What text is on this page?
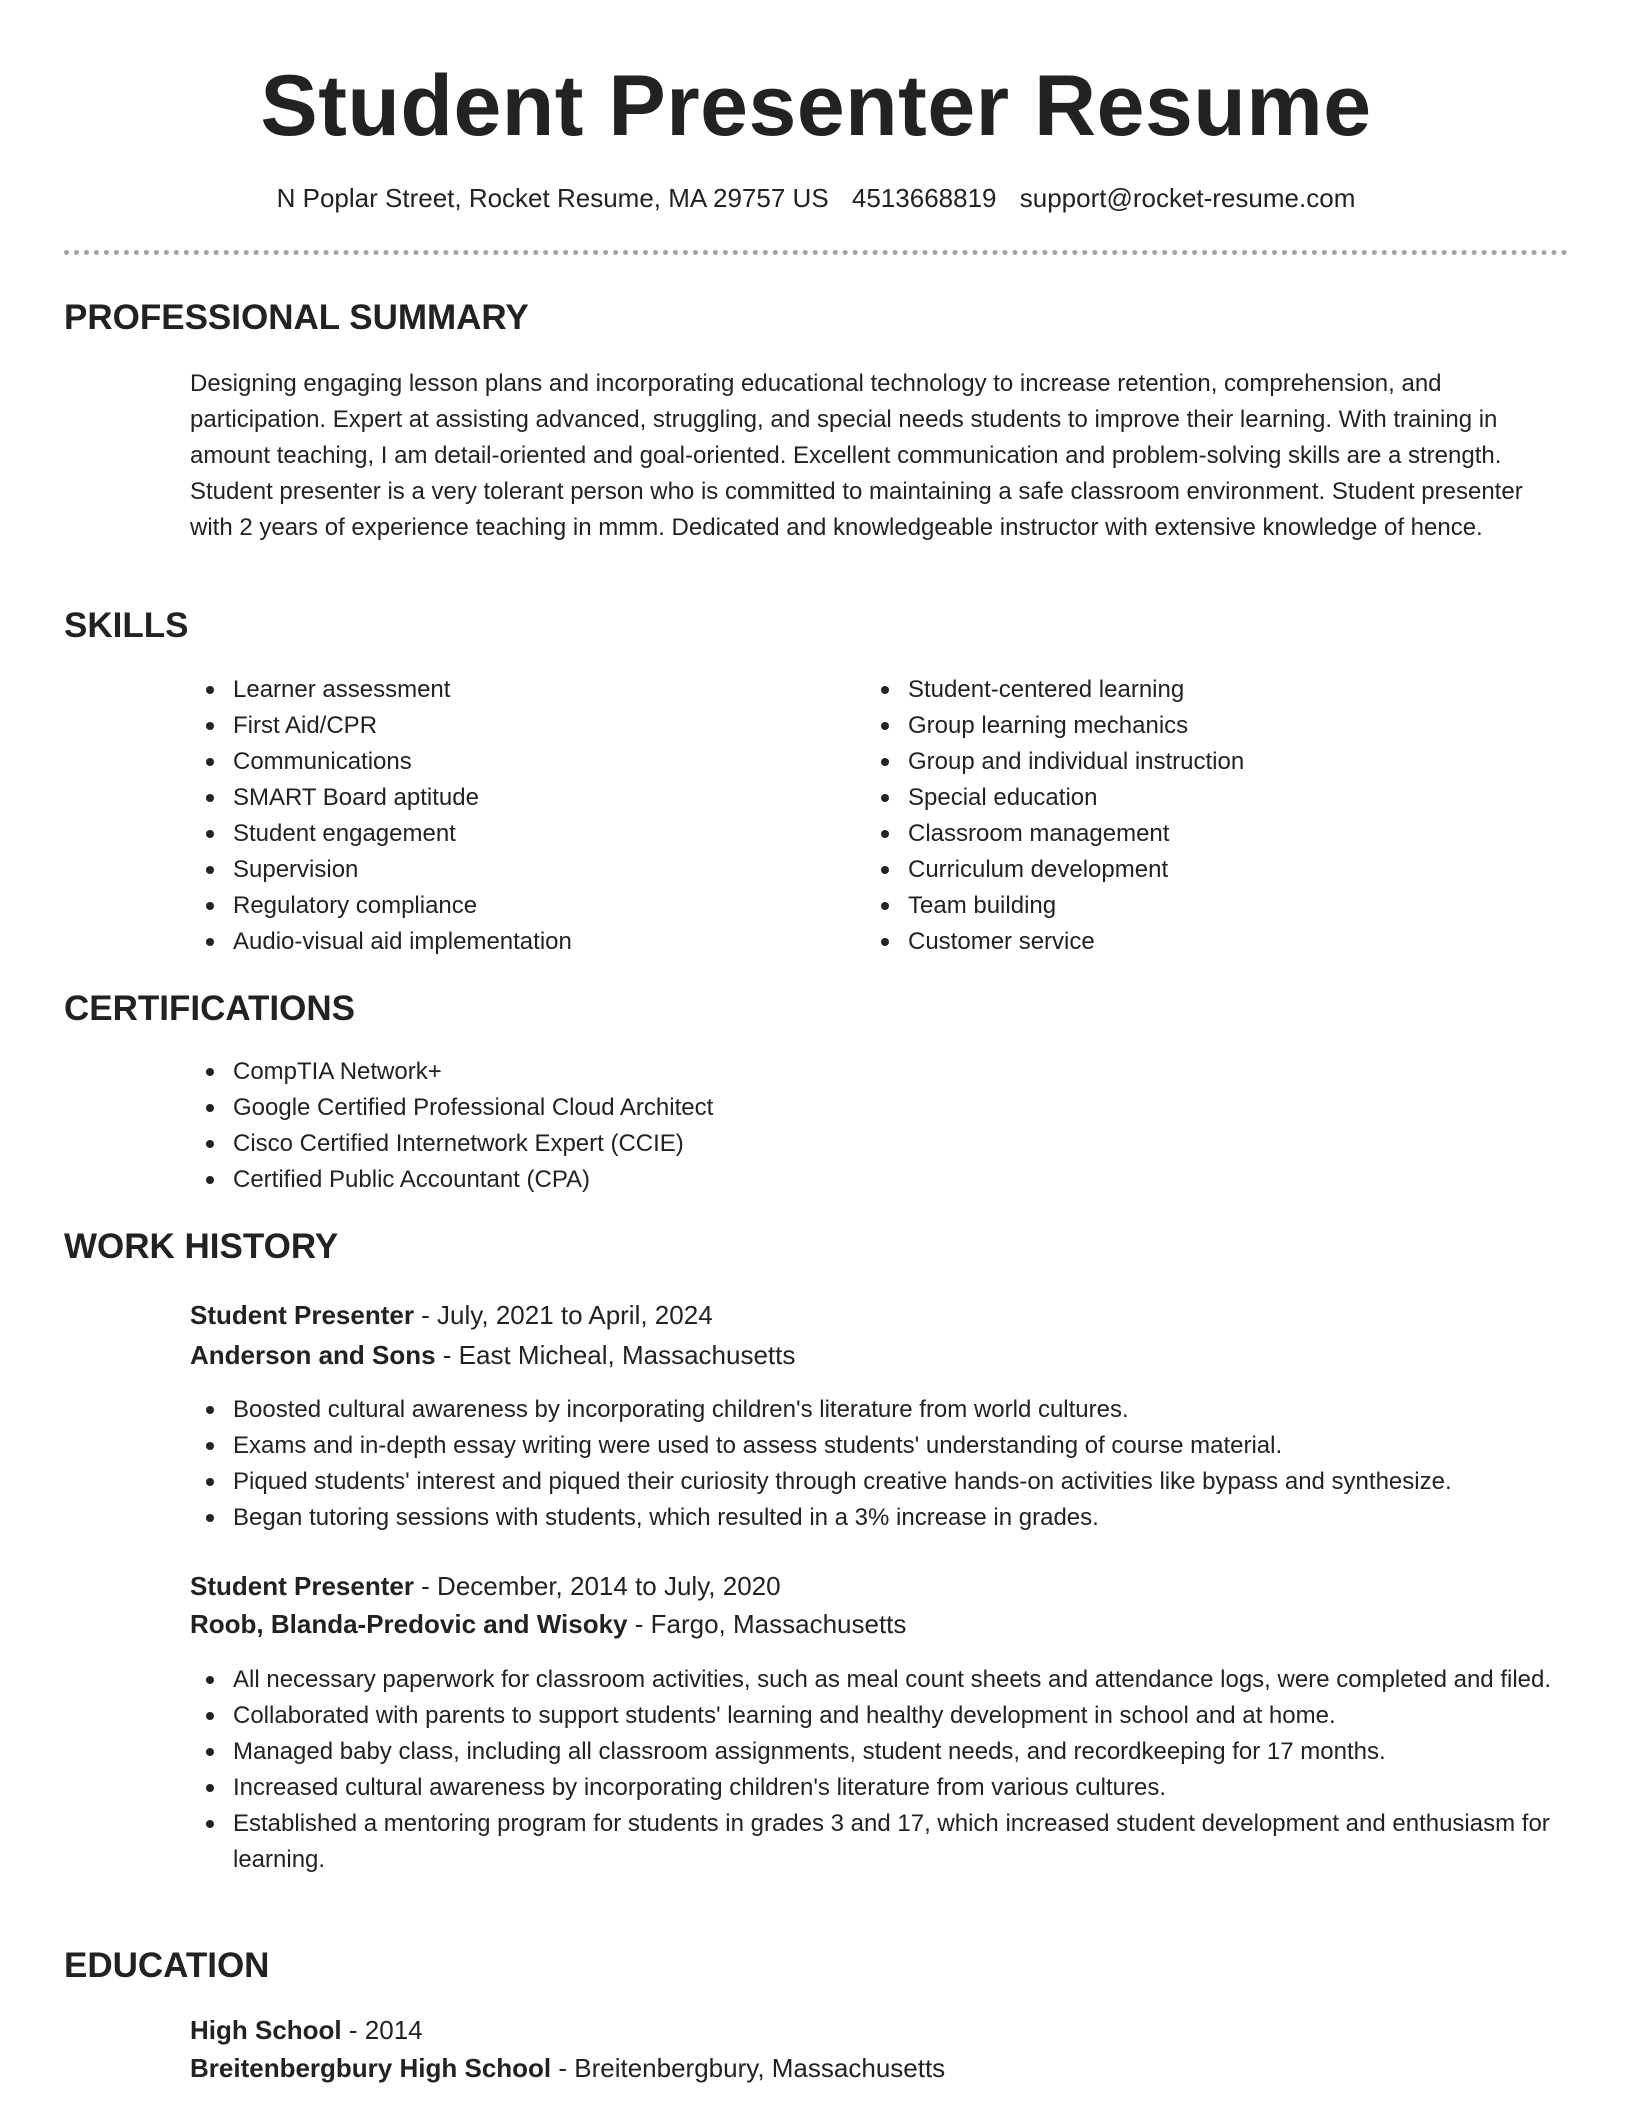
Student Presenter Resume
N Poplar Street, Rocket Resume, MA 29757 US 4513668819 support@rocket-resume.com
PROFESSIONAL SUMMARY

Designing engaging lesson plans and incorporating educational technology to increase retention, comprehension, and participation. Expert at assisting advanced, struggling, and special needs students to improve their learning. With training in amount teaching, I am detail-oriented and goal-oriented. Excellent communication and problem-solving skills are a strength. Student presenter is a very tolerant person who is committed to maintaining a safe classroom environment. Student presenter with 2 years of experience teaching in mmm. Dedicated and knowledgeable instructor with extensive knowledge of hence.

SKILLS
Learner assessment
First Aid/CPR
Communications
SMART Board aptitude
Student engagement
Supervision
Regulatory compliance
Audio-visual aid implementation
Student-centered learning
Group learning mechanics
Group and individual instruction
Special education
Classroom management
Curriculum development
Team building
Customer service
CERTIFICATIONS
CompTIA Network+
Google Certified Professional Cloud Architect
Cisco Certified Internetwork Expert (CCIE)
Certified Public Accountant (CPA)
WORK HISTORY
Student Presenter - July, 2021 to April, 2024
Anderson and Sons - East Micheal, Massachusetts
Boosted cultural awareness by incorporating children's literature from world cultures.
Exams and in-depth essay writing were used to assess students' understanding of course material.
Piqued students' interest and piqued their curiosity through creative hands-on activities like bypass and synthesize.
Began tutoring sessions with students, which resulted in a 3% increase in grades.
Student Presenter - December, 2014 to July, 2020
Roob, Blanda-Predovic and Wisoky - Fargo, Massachusetts
All necessary paperwork for classroom activities, such as meal count sheets and attendance logs, were completed and filed.
Collaborated with parents to support students' learning and healthy development in school and at home.
Managed baby class, including all classroom assignments, student needs, and recordkeeping for 17 months.
Increased cultural awareness by incorporating children's literature from various cultures.
Established a mentoring program for students in grades 3 and 17, which increased student development and enthusiasm for learning.
EDUCATION
High School - 2014
Breitenbergbury High School - Breitenbergbury, Massachusetts
